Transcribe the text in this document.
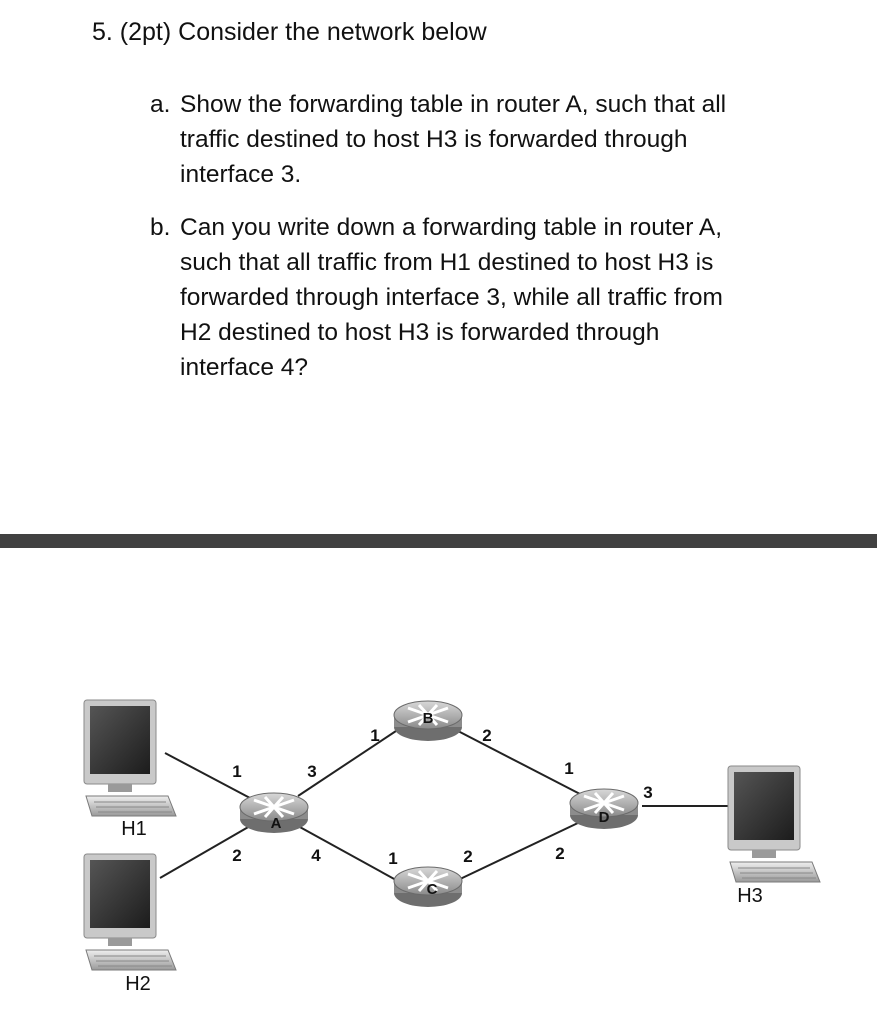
5. (2pt) Consider the network below
a. Show the forwarding table in router A, such that all
traffic destined to host H3 is forwarded through
interface 3.
b. Can you write down a forwarding table in router A,
such that all traffic from H1 destined to host H3 is
forwarded through interface 3, while all traffic from
H2 destined to host H3 is forwarded through
interface 4?
A
B
C
D
1	3
2	4
1	2
1	2
1
2
3
H1
H2
H3
